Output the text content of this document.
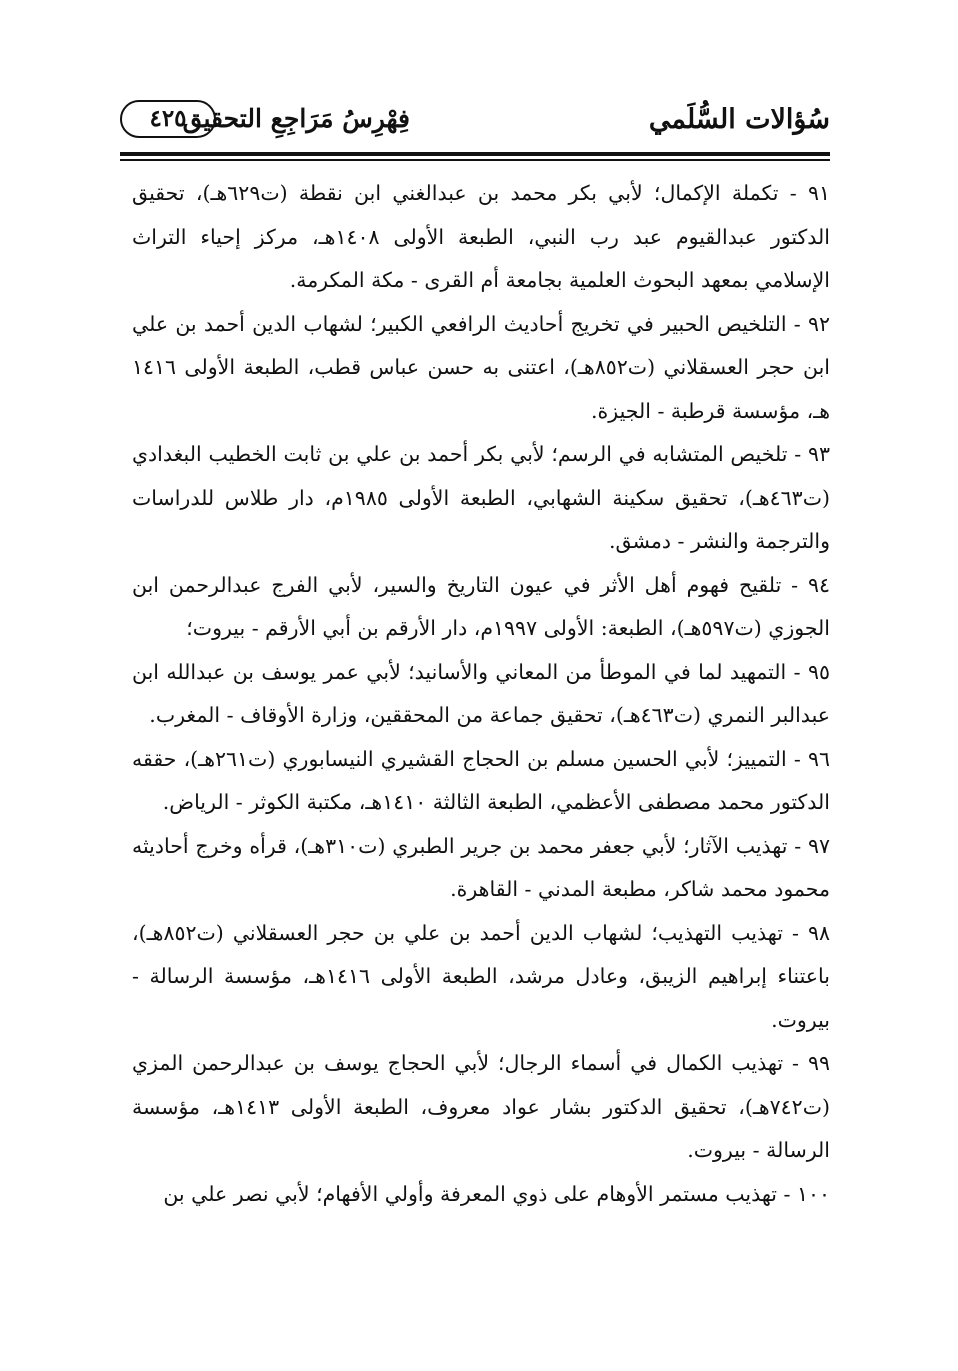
سُؤالات السُّلَمي
فِهْرِسُ مَرَاجِعِ التحقيق
٤٢٥

٩١ - تكملة الإكمال؛ لأبي بكر محمد بن عبدالغني ابن نقطة (ت٦٢٩هـ)، تحقيق الدكتور عبدالقيوم عبد رب النبي، الطبعة الأولى ١٤٠٨هـ، مركز إحياء التراث الإسلامي بمعهد البحوث العلمية بجامعة أم القرى - مكة المكرمة.

٩٢ - التلخيص الحبير في تخريج أحاديث الرافعي الكبير؛ لشهاب الدين أحمد بن علي ابن حجر العسقلاني (ت٨٥٢هـ)، اعتنى به حسن عباس قطب، الطبعة الأولى ١٤١٦ هـ، مؤسسة قرطبة - الجيزة.

٩٣ - تلخيص المتشابه في الرسم؛ لأبي بكر أحمد بن علي بن ثابت الخطيب البغدادي (ت٤٦٣هـ)، تحقيق سكينة الشهابي، الطبعة الأولى ١٩٨٥م، دار طلاس للدراسات والترجمة والنشر - دمشق.

٩٤ - تلقيح فهوم أهل الأثر في عيون التاريخ والسير، لأبي الفرج عبدالرحمن ابن الجوزي (ت٥٩٧هـ)، الطبعة: الأولى ١٩٩٧م، دار الأرقم بن أبي الأرقم - بيروت؛

٩٥ - التمهيد لما في الموطأ من المعاني والأسانيد؛ لأبي عمر يوسف بن عبدالله ابن عبدالبر النمري (ت٤٦٣هـ)، تحقيق جماعة من المحققين، وزارة الأوقاف - المغرب.

٩٦ - التمييز؛ لأبي الحسين مسلم بن الحجاج القشيري النيسابوري (ت٢٦١هـ)، حققه الدكتور محمد مصطفى الأعظمي، الطبعة الثالثة ١٤١٠هـ، مكتبة الكوثر - الرياض.

٩٧ - تهذيب الآثار؛ لأبي جعفر محمد بن جرير الطبري (ت٣١٠هـ)، قرأه وخرج أحاديثه محمود محمد شاكر، مطبعة المدني - القاهرة.

٩٨ - تهذيب التهذيب؛ لشهاب الدين أحمد بن علي بن حجر العسقلاني (ت٨٥٢هـ)، باعتناء إبراهيم الزيبق، وعادل مرشد، الطبعة الأولى ١٤١٦هـ، مؤسسة الرسالة - بيروت.

٩٩ - تهذيب الكمال في أسماء الرجال؛ لأبي الحجاج يوسف بن عبدالرحمن المزي (ت٧٤٢هـ)، تحقيق الدكتور بشار عواد معروف، الطبعة الأولى ١٤١٣هـ، مؤسسة الرسالة - بيروت.

١٠٠ - تهذيب مستمر الأوهام على ذوي المعرفة وأولي الأفهام؛ لأبي نصر علي بن
